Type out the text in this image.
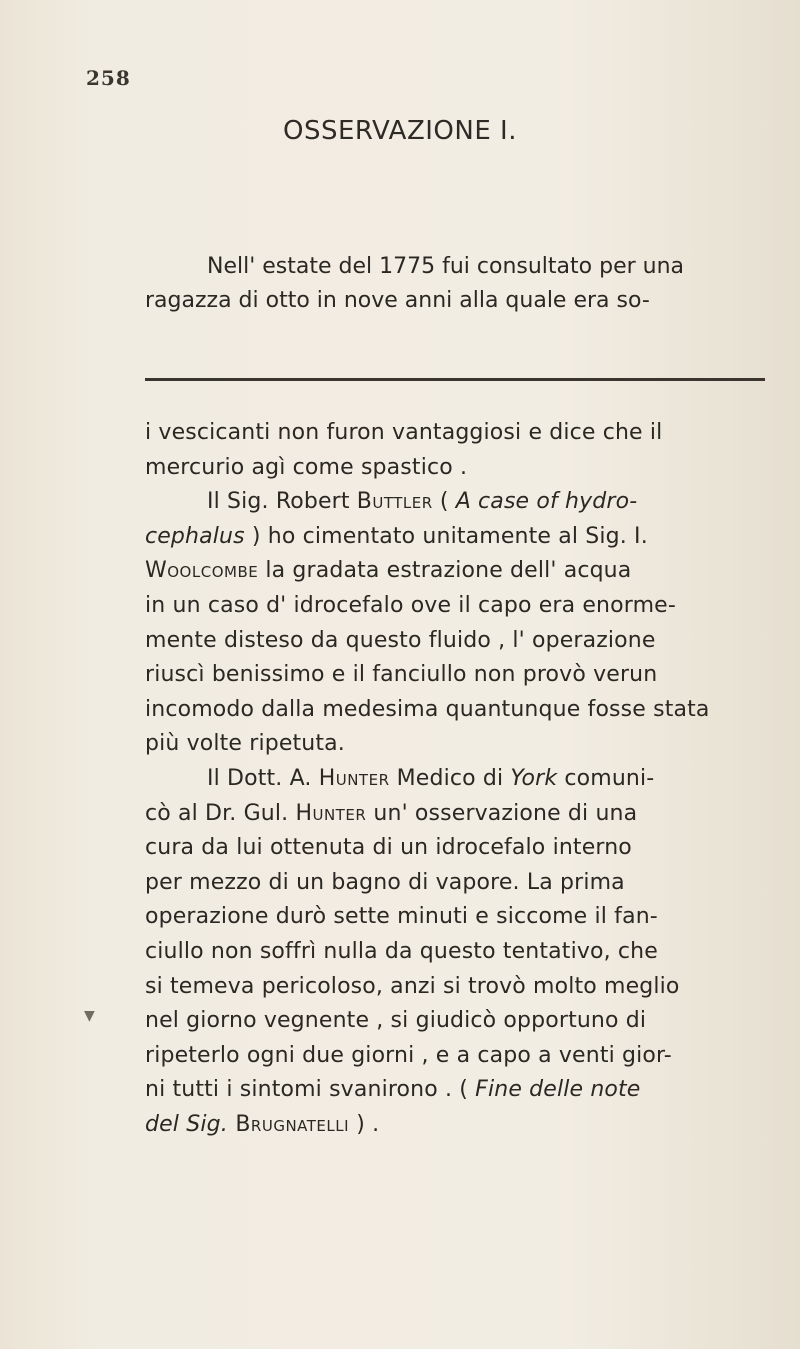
258
OSSERVAZIONE I.
Nell' estate del 1775 fui consultato per una
ragazza di otto in nove anni alla quale era so-
i vescicanti non furon vantaggiosi e dice che il
mercurio agì come spastico .
Il Sig. Robert Buttler ( A case of hydro-
cephalus ) ho cimentato unitamente al Sig. I.
Woolcombe la gradata estrazione dell' acqua
in un caso d' idrocefalo ove il capo era enorme-
mente disteso da questo fluido , l' operazione
riuscì benissimo e il fanciullo non provò verun
incomodo dalla medesima quantunque fosse stata
più volte ripetuta.
Il Dott. A. Hunter Medico di York comuni-
cò al Dr. Gul. Hunter un' osservazione di una
cura da lui ottenuta di un idrocefalo interno
per mezzo di un bagno di vapore. La prima
operazione durò sette minuti e siccome il fan-
ciullo non soffrì nulla da questo tentativo, che
si temeva pericoloso, anzi si trovò molto meglio
nel giorno vegnente , si giudicò opportuno di
ripeterlo ogni due giorni , e a capo a venti gior-
ni tutti i sintomi svanirono . ( Fine delle note
del Sig. Brugnatelli ) .
▼
